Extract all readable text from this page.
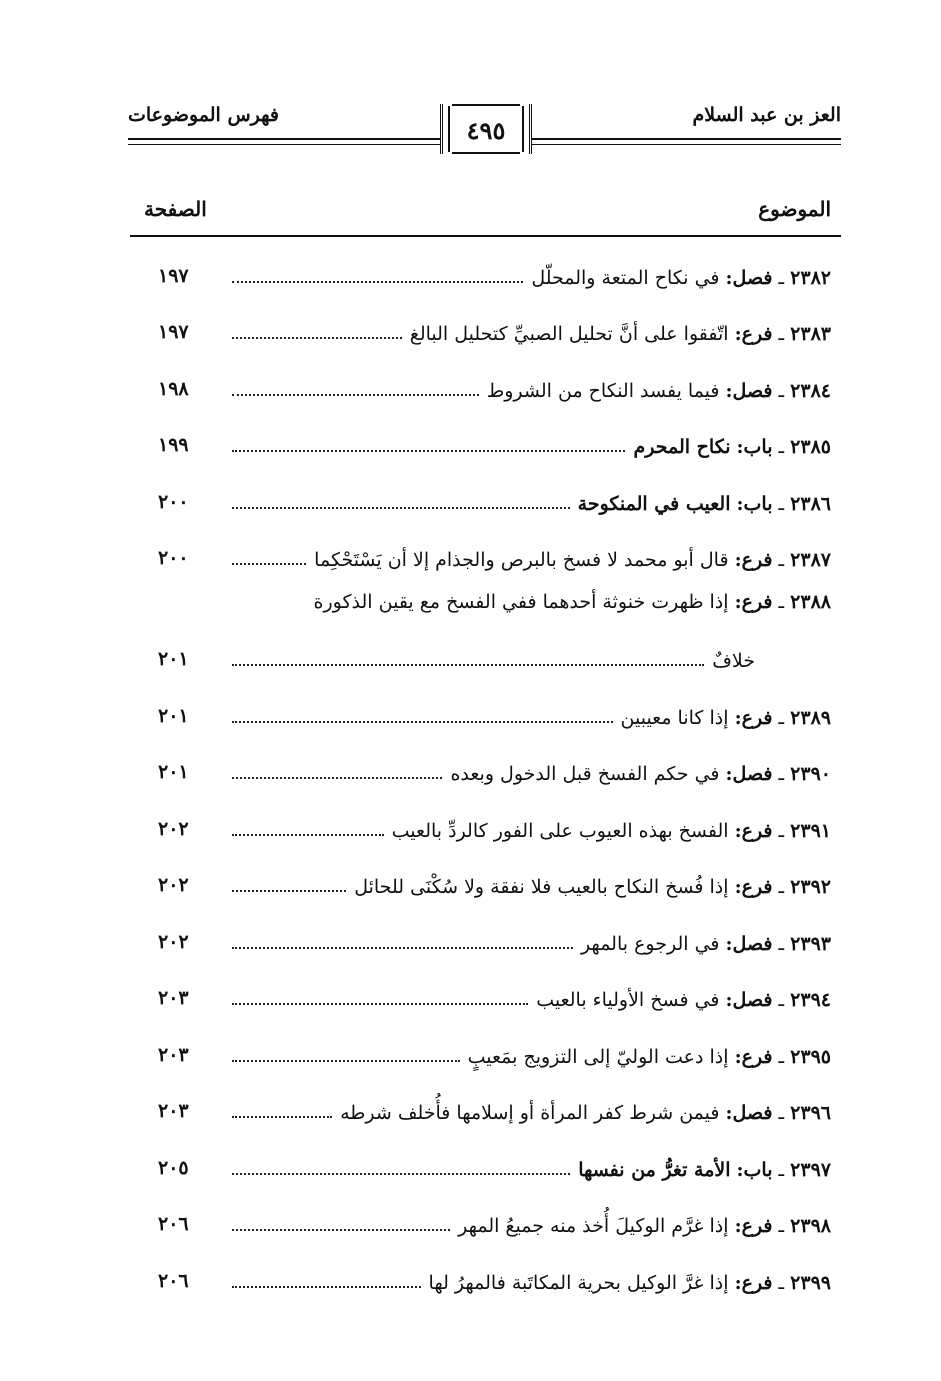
العز بن عبد السلام
فهرس الموضوعات
٤٩٥
الموضوع
الصفحة
٢٣٨٢ ـ فصل: في نكاح المتعة والمحلّل
١٩٧
٢٣٨٣ ـ فرع: اتّفقوا على أنَّ تحليل الصبيِّ كتحليل البالغ
١٩٧
٢٣٨٤ ـ فصل: فيما يفسد النكاح من الشروط
١٩٨
٢٣٨٥ ـ باب: نكاح المحرم
١٩٩
٢٣٨٦ ـ باب: العيب في المنكوحة
٢٠٠
٢٣٨٧ ـ فرع: قال أبو محمد لا فسخ بالبرص والجذام إلا أن يَسْتَحْكِما
٢٠٠
٢٣٨٨ ـ فرع: إذا ظهرت خنوثة أحدهما ففي الفسخ مع يقين الذكورة
خلافٌ
٢٠١
٢٣٨٩ ـ فرع: إذا كانا معيبين
٢٠١
٢٣٩٠ ـ فصل: في حكم الفسخ قبل الدخول وبعده
٢٠١
٢٣٩١ ـ فرع: الفسخ بهذه العيوب على الفور كالردِّ بالعيب
٢٠٢
٢٣٩٢ ـ فرع: إذا فُسخ النكاح بالعيب فلا نفقة ولا سُكْنَى للحائل
٢٠٢
٢٣٩٣ ـ فصل: في الرجوع بالمهر
٢٠٢
٢٣٩٤ ـ فصل: في فسخ الأولياء بالعيب
٢٠٣
٢٣٩٥ ـ فرع: إذا دعت الوليّ إلى التزويج بمَعيبٍ
٢٠٣
٢٣٩٦ ـ فصل: فيمن شرط كفر المرأة أو إسلامها فأُخلف شرطه
٢٠٣
٢٣٩٧ ـ باب: الأمة تغرُّ من نفسها
٢٠٥
٢٣٩٨ ـ فرع: إذا غرَّم الوكيلَ أُخذ منه جميعُ المهر
٢٠٦
٢٣٩٩ ـ فرع: إذا غرَّ الوكيل بحرية المكاتَبة فالمهرُ لها
٢٠٦
